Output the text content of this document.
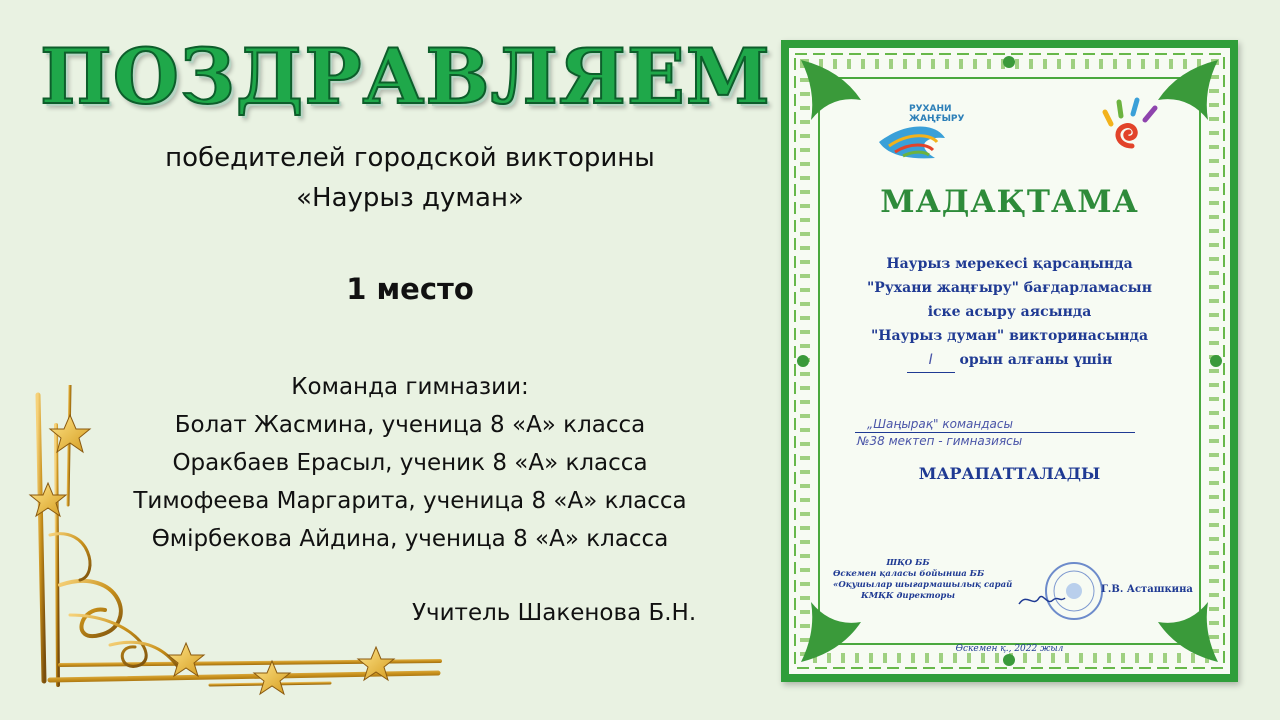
ПОЗДРАВЛЯЕМ
победителей городской викторины
«Наурыз думан»
1 место
Команда гимназии:
Болат Жасмина, ученица 8 «А» класса
Оракбаев Ерасыл, ученик 8 «А» класса
Тимофеева Маргарита, ученица 8 «А» класса
Өмірбекова Айдина, ученица 8 «А» класса
Учитель Шакенова Б.Н.
РУХАНИ
ЖАҢҒЫРУ
МАДАҚТАМА
Наурыз мерекесі қарсаңында
"Рухани жаңғыру" бағдарламасын
іске асыру аясында
"Наурыз думан" викторинасында
I орын алғаны үшін
„Шаңырақ" командасы
№38 мектеп - гимназиясы
МАРАПАТТАЛАДЫ
ШҚО ББ
Өскемен қаласы бойынша ББ
«Оқушылар шығармашылық сарай
КМҚК директоры
Г.В. Асташкина
Өскемен қ., 2022 жыл
